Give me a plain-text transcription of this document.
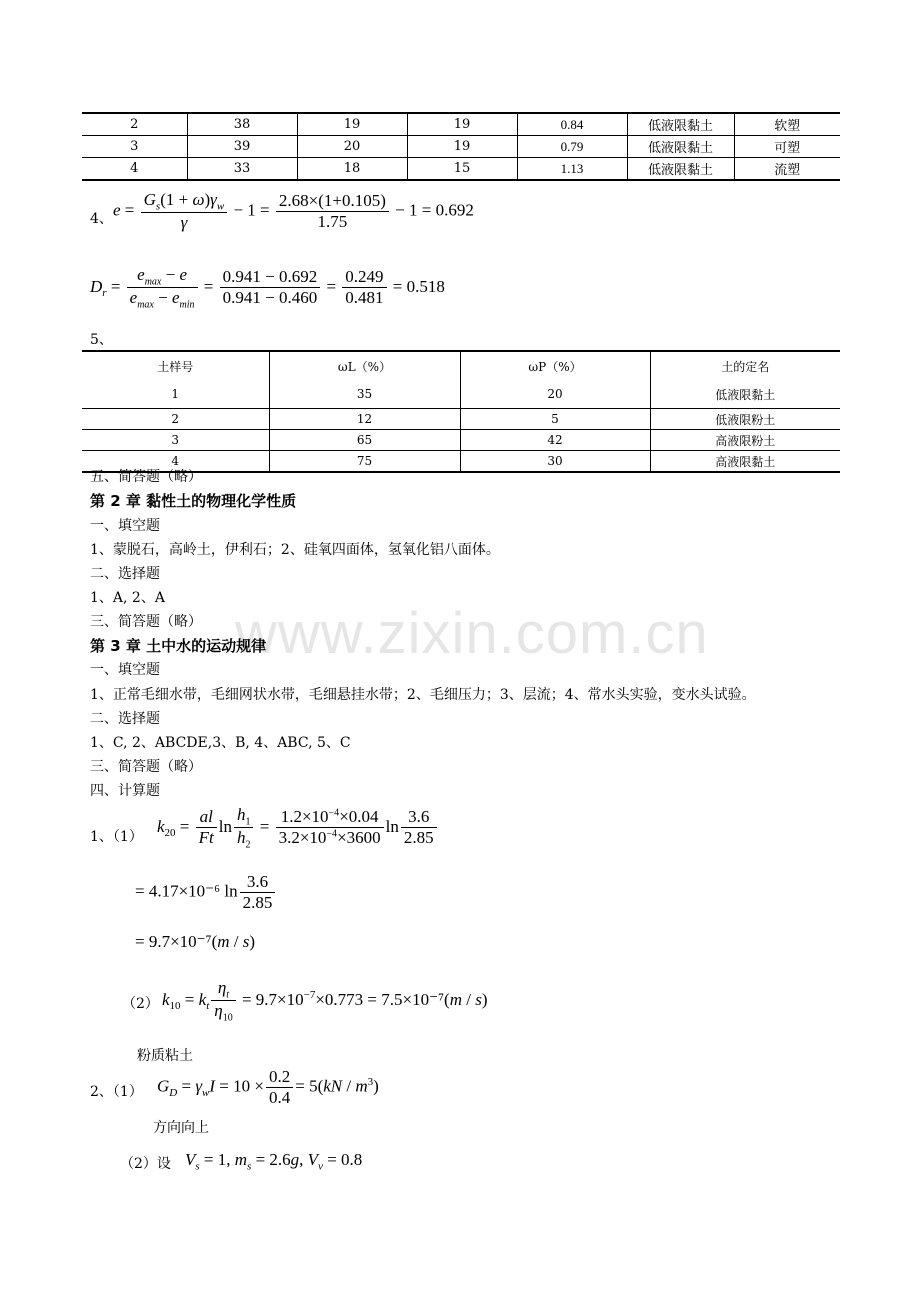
www.zixin.com.cn
2	38	19	19	0.84	低液限黏土	软塑
3	39	20	19	0.79	低液限黏土	可塑
4	33	18	15	1.13	低液限黏土	流塑
4、 $e = \frac{G_s(1 + \omega)\gamma_w}{\gamma} - 1 = \frac{2.68\times(1+0.105)}{1.75} - 1 = 0.692$
$D_r = \frac{e_{max} - e}{e_{max} - e_{min}} = \frac{0.941 - 0.692}{0.941 - 0.460} = \frac{0.249}{0.481} = 0.518$
5、
土样号	ωL（%）	ωP（%）	土的定名
1	35	20	低液限黏土
2	12	5	低液限粉土
3	65	42	高液限粉土
4	75	30	高液限黏土
五、简答题（略）
第 2 章 黏性土的物理化学性质
一、填空题
1、蒙脱石，高岭土，伊利石；2、硅氧四面体，氢氧化铝八面体。
二、选择题
1、A, 2、A
三、简答题（略）
第 3 章 土中水的运动规律
一、填空题
1、正常毛细水带，毛细网状水带，毛细悬挂水带；2、毛细压力；3、层流；4、常水头实验，变水头试验。
二、选择题
1、C, 2、ABCDE,3、B, 4、ABC, 5、C
三、简答题（略）
四、计算题
1、（1）
$k_{20} = \frac{al}{Ft}$ $\ln \frac{h_1}{h_2} = \frac{1.2\times 10^{-4}\times 0.04}{3.2\times 10^{-4}\times 3600}$ $\ln \frac{3.6}{2.85}$
= 4.17×10⁻⁶ $\ln \frac{3.6}{2.85}$
= 9.7×10⁻⁷(m / s)
（2） $k_{10} = k_t \frac{\eta_t}{\eta_{10}} = 9.7\times 10^{-7}\times 0.773 = 7.5\times 10^{-7}(m / s)$
粉质粘土
2、（1） $G_D = \gamma_wI = 10 \times \frac{0.2}{0.4} = 5(kN / m^3)$
方向向上
（2）设 $V_s = 1$, $m_s = 2.6g$, $V_v = 0.8$
